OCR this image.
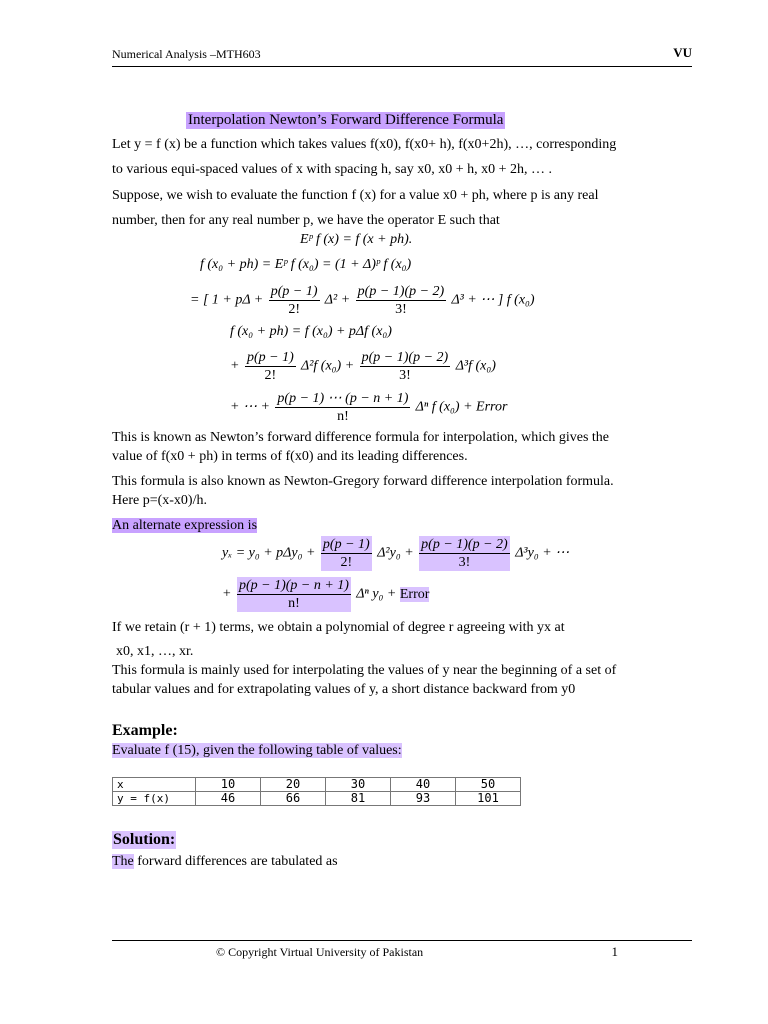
Numerical Analysis –MTH603	VU
Interpolation Newton’s Forward Difference Formula
Let y = f (x) be a function which takes values f(x0), f(x0+ h), f(x0+2h), …, corresponding
to various equi-spaced values of x with spacing h, say x0, x0 + h, x0 + 2h, … .
Suppose, we wish to evaluate the function f (x) for a value x0 + ph, where p is any real
number, then for any real number p, we have the operator E such that
Eᵖ f (x) = f (x + ph).
f (x₀ + ph) = Eᵖ f (x₀) = (1 + Δ)ᵖ f (x₀)
= [ $1 + p\Delta + \frac{p(p - 1)}{2!} \Delta^2 + \frac{p(p - 1)(p - 2)}{3!} \Delta^3$ + ⋯ ] f (x₀)
f (x₀ + ph) = f (x₀) + pΔf (x₀)
+ $\frac{p(p - 1)}{2!} \Delta^2f$ $(x_0) + \frac{p(p - 1)(p - 2)}{3!} \Delta^3f$ (x₀)
+ ⋯ + $\frac{p(p - 1) \cdots (p - n + 1)}{n!}$ Δⁿ f (x₀) + Error
This is known as Newton’s forward difference formula for interpolation, which gives the
value of f(x0 + ph) in terms of f(x0) and its leading differences.
This formula is also known as Newton-Gregory forward difference interpolation formula.
Here p=(x-x0)/h.
An alternate expression is
$y_x = y_0 + p\Delta y_0 + \frac{p(p - 1)}{2!} \Delta^2y_0 + \frac{p(p - 1)(p - 2)}{3!} \Delta^3y_0$ + ⋯
+ $\frac{p(p - 1)(p - n + 1)}{n!}$ Δⁿ y₀ + Error
If we retain (r + 1) terms, we obtain a polynomial of degree r agreeing with yx at
x0, x1, …, xr.
This formula is mainly used for interpolating the values of y near the beginning of a set of
tabular values and for extrapolating values of y, a short distance backward from y0
Example:
Evaluate f (15), given the following table of values:
x	10	20	30	40	50
y = f(x)	46	66	81	93	101
Solution:
The forward differences are tabulated as
© Copyright Virtual University of Pakistan	1
